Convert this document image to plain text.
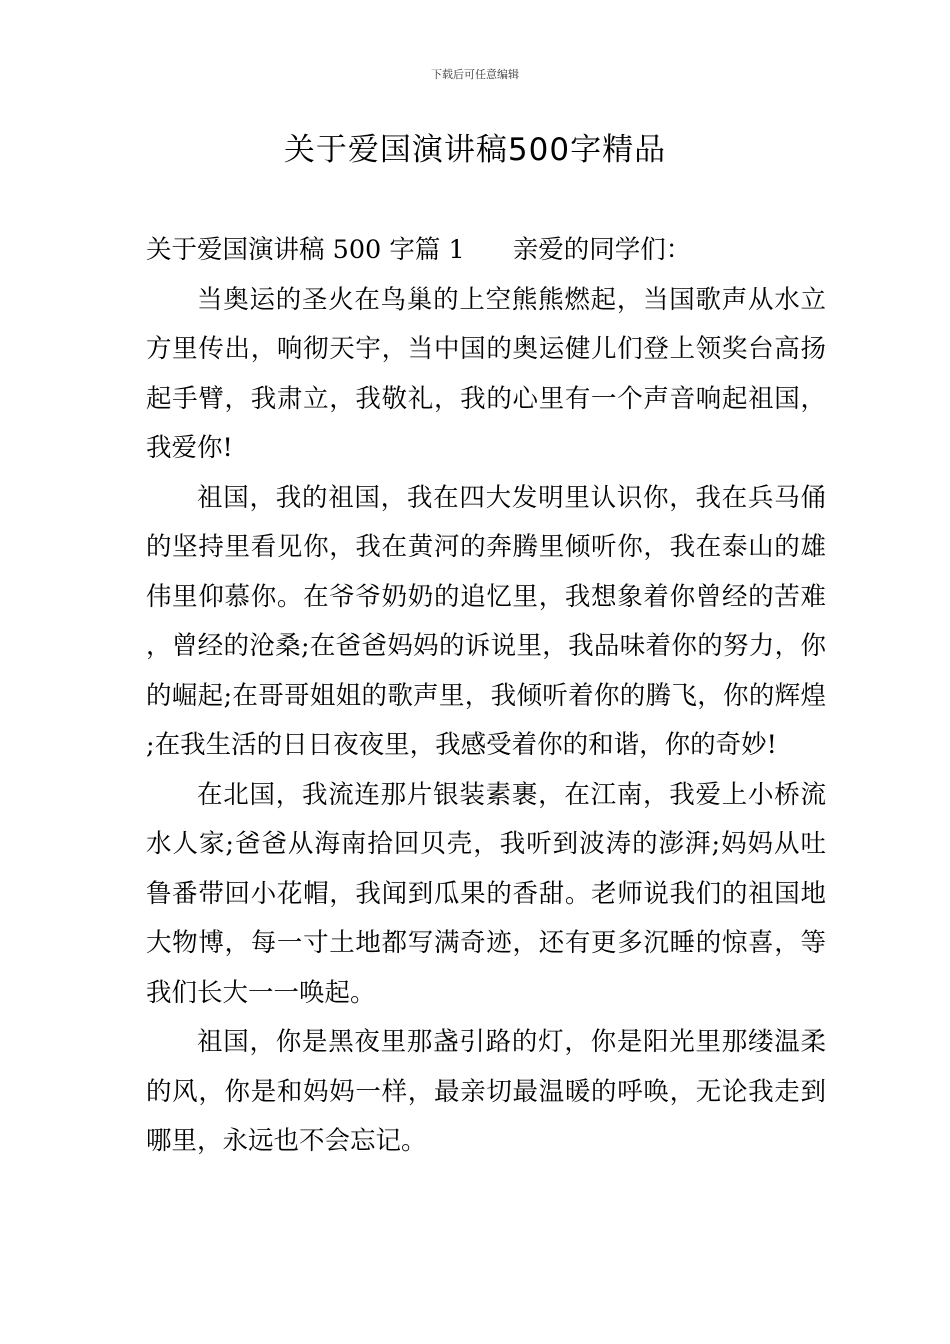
下载后可任意编辑
关于爱国演讲稿500字精品

关于爱国演讲稿 500 字篇 1 亲爱的同学们：

当奥运的圣火在鸟巢的上空熊熊燃起，当国歌声从水立方里传出，响彻天宇，当中国的奥运健儿们登上领奖台高扬起手臂，我肃立，我敬礼，我的心里有一个声音响起祖国，我爱你!

祖国，我的祖国，我在四大发明里认识你，我在兵马俑的坚持里看见你，我在黄河的奔腾里倾听你，我在泰山的雄伟里仰慕你。在爷爷奶奶的追忆里，我想象着你曾经的苦难，曾经的沧桑;在爸爸妈妈的诉说里，我品味着你的努力，你的崛起;在哥哥姐姐的歌声里，我倾听着你的腾飞，你的辉煌;在我生活的日日夜夜里，我感受着你的和谐，你的奇妙!

在北国，我流连那片银装素裹，在江南，我爱上小桥流水人家;爸爸从海南拾回贝壳，我听到波涛的澎湃;妈妈从吐鲁番带回小花帽，我闻到瓜果的香甜。老师说我们的祖国地大物博，每一寸土地都写满奇迹，还有更多沉睡的惊喜，等我们长大一一唤起。

祖国，你是黑夜里那盏引路的灯，你是阳光里那缕温柔的风，你是和妈妈一样，最亲切最温暖的呼唤，无论我走到哪里，永远也不会忘记。
